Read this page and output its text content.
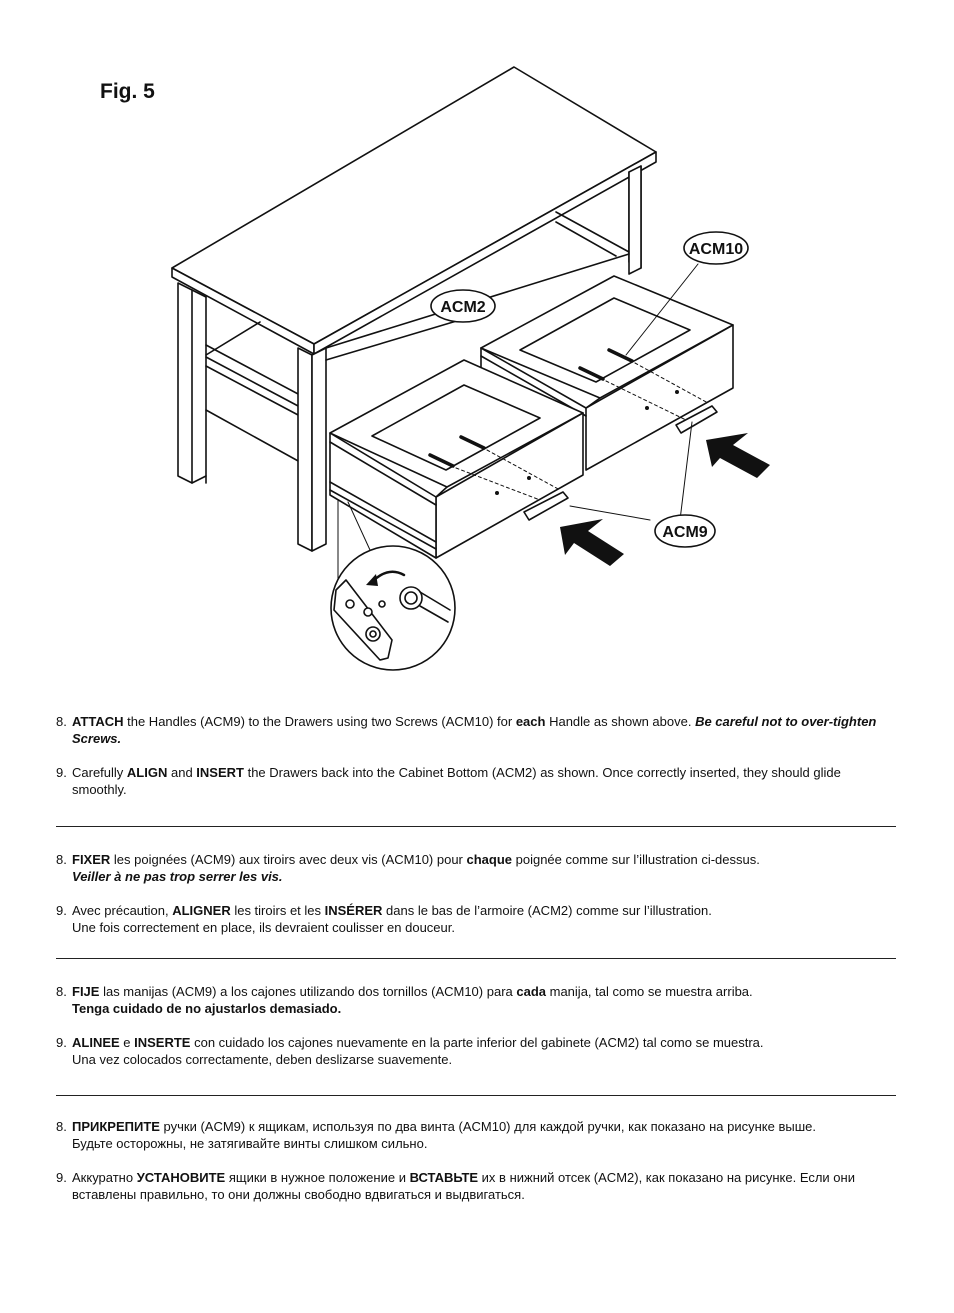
Fig. 5
ACM2
ACM10
ACM9
8. ATTACH the Handles (ACM9) to the Drawers using two Screws (ACM10) for each Handle as shown above. Be careful not to over-tighten Screws.
9. Carefully ALIGN and INSERT the Drawers back into the Cabinet Bottom (ACM2) as shown. Once correctly inserted, they should glide smoothly.
8. FIXER les poignées (ACM9) aux tiroirs avec deux vis (ACM10) pour chaque poignée comme sur l’illustration ci-dessus.
Veiller à ne pas trop serrer les vis.
9. Avec précaution, ALIGNER les tiroirs et les INSÉRER dans le bas de l’armoire (ACM2) comme sur l’illustration.
Une fois correctement en place, ils devraient coulisser en douceur.
8. FIJE las manijas (ACM9) a los cajones utilizando dos tornillos (ACM10) para cada manija, tal como se muestra arriba.
Tenga cuidado de no ajustarlos demasiado.
9. ALINEE e INSERTE con cuidado los cajones nuevamente en la parte inferior del gabinete (ACM2) tal como se muestra.
Una vez colocados correctamente, deben deslizarse suavemente.
8. ПРИКРЕПИТЕ ручки (ACM9) к ящикам, используя по два винта (ACM10) для каждой ручки, как показано на рисунке выше.
Будьте осторожны, не затягивайте винты слишком сильно.
9. Аккуратно УСТАНОВИТЕ ящики в нужное положение и ВСТАВЬТЕ их в нижний отсек (ACM2), как показано на рисунке. Если они вставлены правильно, то они должны свободно вдвигаться и выдвигаться.
